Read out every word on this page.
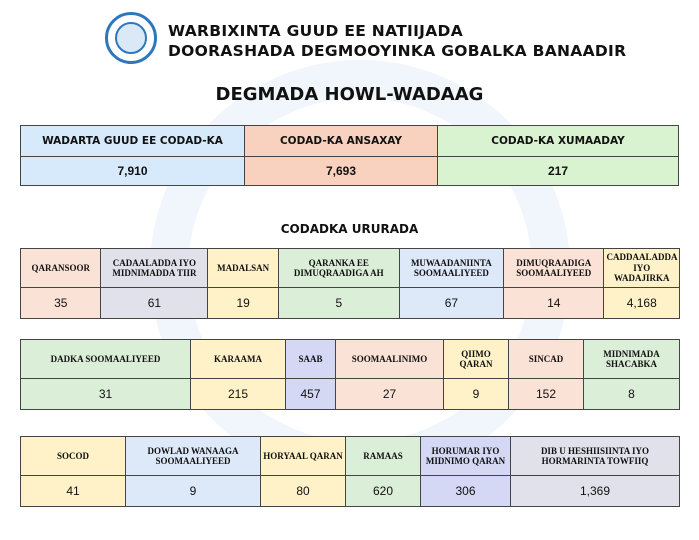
WARBIXINTA GUUD EE NATIIJADA
DOORASHADA DEGMOOYINKA GOBALKA BANAADIR
DEGMADA HOWL-WADAAG
WADARTA GUUD EE CODAD-KA	CODAD-KA ANSAXAY	CODAD-KA XUMAADAY
7,910	7,693	217
CODADKA URURADA
QARANSOOR	CADAALADDA IYO MIDNIMADDA TIIR	MADALSAN	QARANKA EE DIMUQRAADIGA AH	MUWAADANIINTA SOOMAALIYEED	DIMUQRAADIGA SOOMAALIYEED	CADDAALADDA IYO WADAJIRKA
35	61	19	5	67	14	4,168
DADKA SOOMAALIYEED	KARAAMA	SAAB	SOOMAALINIMO	QIIMO QARAN	SINCAD	MIDNIMADA SHACABKA
31	215	457	27	9	152	8
SOCOD	DOWLAD WANAAGA SOOMAALIYEED	HORYAAL QARAN	RAMAAS	HORUMAR IYO MIDNIMO QARAN	DIB U HESHIISIINTA IYO HORMARINTA TOWFIIQ
41	9	80	620	306	1,369
